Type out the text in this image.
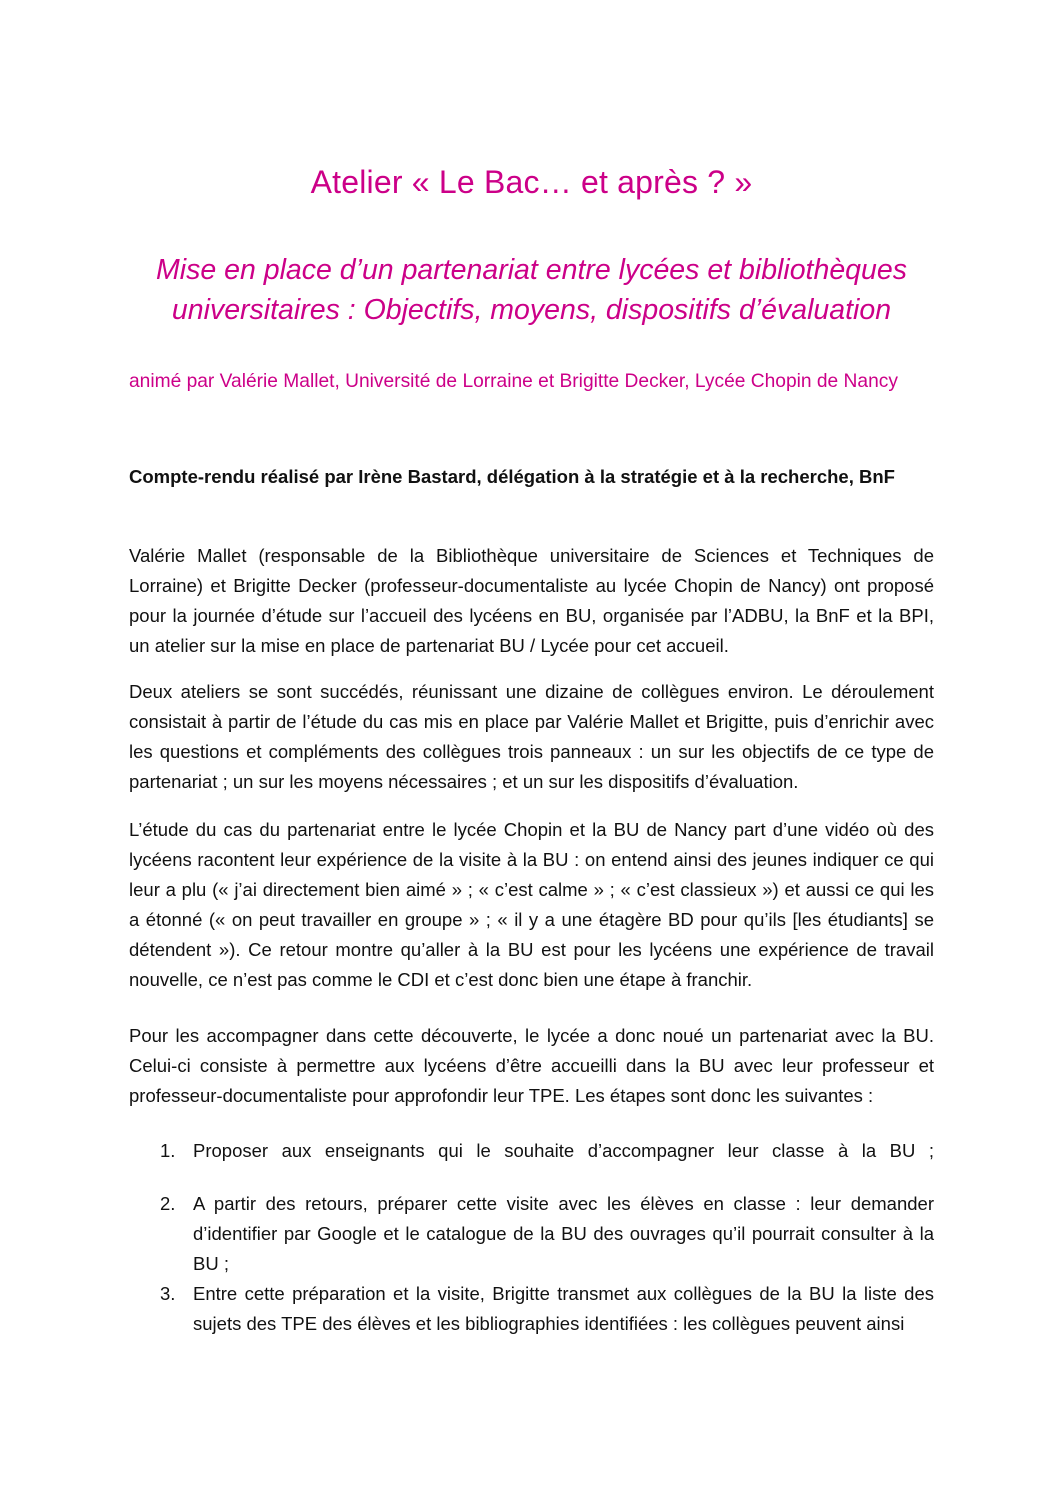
Atelier « Le Bac… et après ? »

Mise en place d’un partenariat entre lycées et bibliothèques universitaires : Objectifs, moyens, dispositifs d’évaluation

animé par Valérie Mallet, Université de Lorraine et Brigitte Decker, Lycée Chopin de Nancy

Compte-rendu réalisé par Irène Bastard, délégation à la stratégie et à la recherche, BnF

Valérie Mallet (responsable de la Bibliothèque universitaire de Sciences et Techniques de Lorraine) et Brigitte Decker (professeur-documentaliste au lycée Chopin de Nancy) ont proposé pour la journée d’étude sur l’accueil des lycéens en BU, organisée par l’ADBU, la BnF et la BPI, un atelier sur la mise en place de partenariat BU / Lycée pour cet accueil.

Deux ateliers se sont succédés, réunissant une dizaine de collègues environ. Le déroulement consistait à partir de l’étude du cas mis en place par Valérie Mallet et Brigitte, puis d’enrichir avec les questions et compléments des collègues trois panneaux : un sur les objectifs de ce type de partenariat ; un sur les moyens nécessaires ; et un sur les dispositifs d’évaluation.

L’étude du cas du partenariat entre le lycée Chopin et la BU de Nancy part d’une vidéo où des lycéens racontent leur expérience de la visite à la BU : on entend ainsi des jeunes indiquer ce qui leur a plu (« j’ai directement bien aimé » ; « c’est calme » ; « c’est classieux ») et aussi ce qui les a étonné (« on peut travailler en groupe » ; « il y a une étagère BD pour qu’ils [les étudiants] se détendent »). Ce retour montre qu’aller à la BU est pour les lycéens une expérience de travail nouvelle, ce n’est pas comme le CDI et c’est donc bien une étape à franchir.

Pour les accompagner dans cette découverte, le lycée a donc noué un partenariat avec la BU. Celui-ci consiste à permettre aux lycéens d’être accueilli dans la BU avec leur professeur et professeur-documentaliste pour approfondir leur TPE. Les étapes sont donc les suivantes :

1. Proposer aux enseignants qui le souhaite d’accompagner leur classe à la BU ;
2. A partir des retours, préparer cette visite avec les élèves en classe : leur demander d’identifier par Google et le catalogue de la BU des ouvrages qu’il pourrait consulter à la BU ;
3. Entre cette préparation et la visite, Brigitte transmet aux collègues de la BU la liste des sujets des TPE des élèves et les bibliographies identifiées : les collègues peuvent ainsi
